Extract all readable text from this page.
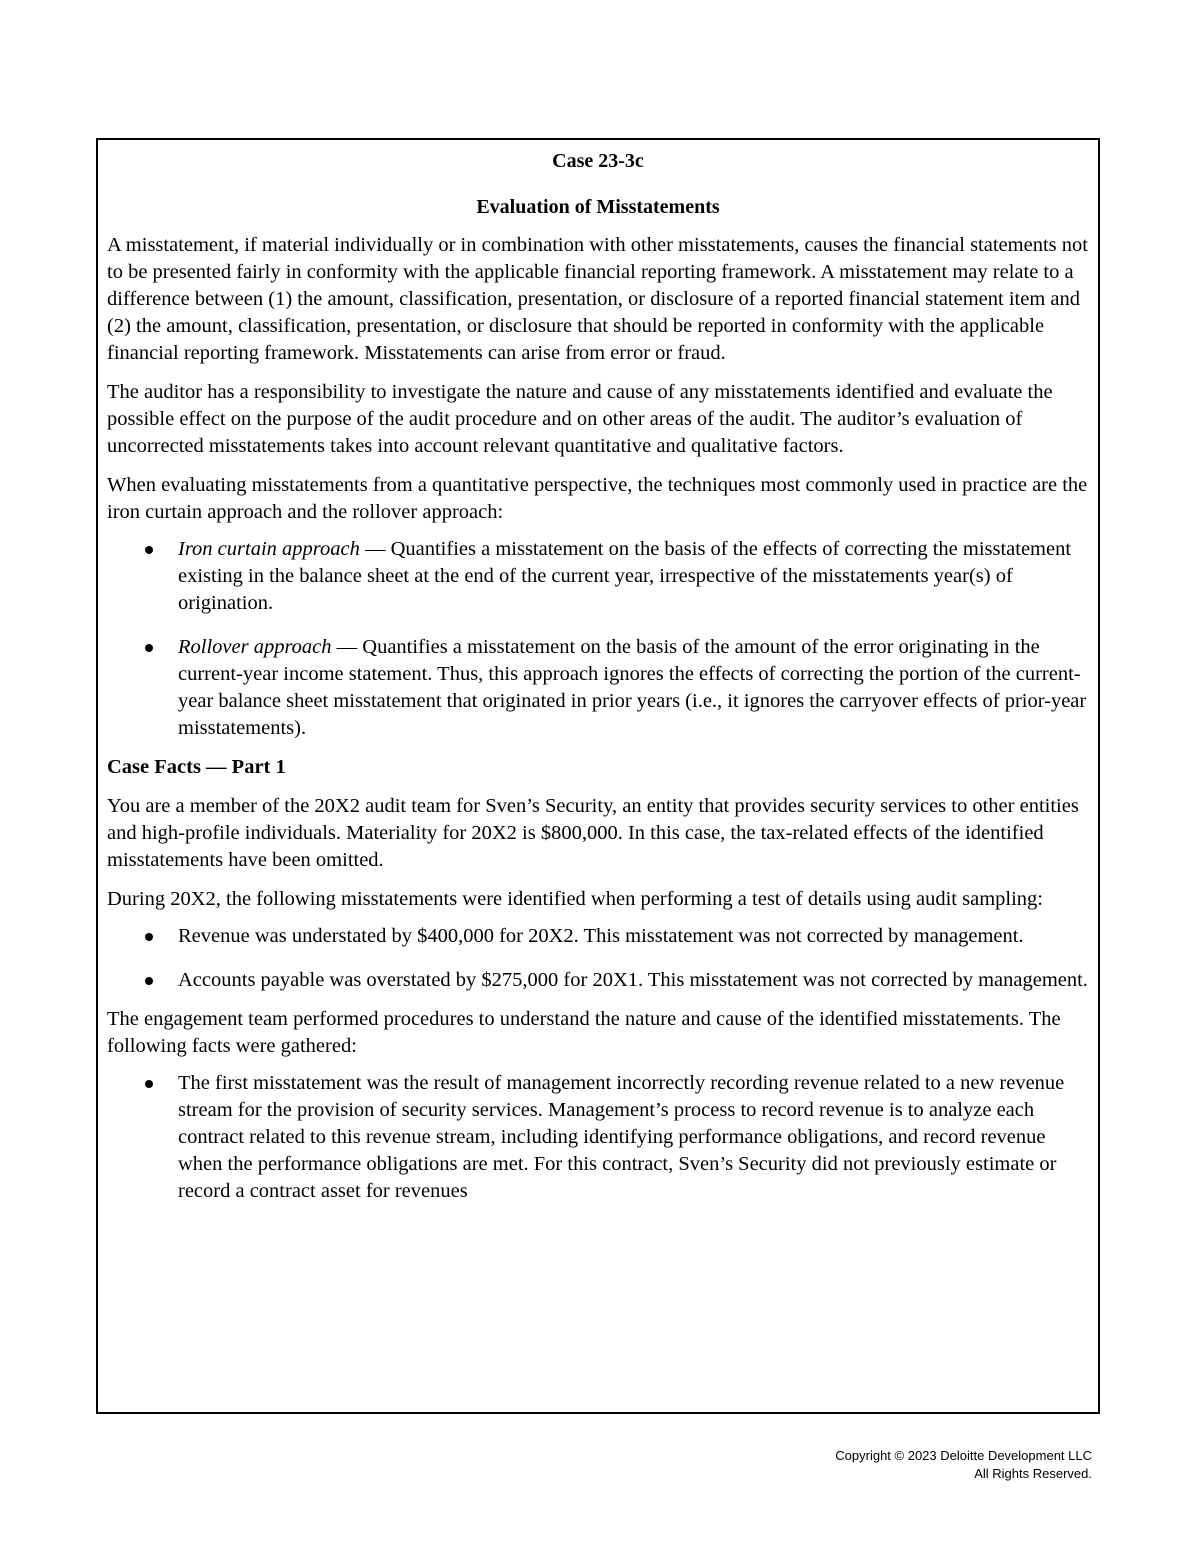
Case 23-3c
Evaluation of Misstatements

A misstatement, if material individually or in combination with other misstatements, causes the financial statements not to be presented fairly in conformity with the applicable financial reporting framework. A misstatement may relate to a difference between (1) the amount, classification, presentation, or disclosure of a reported financial statement item and (2) the amount, classification, presentation, or disclosure that should be reported in conformity with the applicable financial reporting framework. Misstatements can arise from error or fraud.

The auditor has a responsibility to investigate the nature and cause of any misstatements identified and evaluate the possible effect on the purpose of the audit procedure and on other areas of the audit. The auditor’s evaluation of uncorrected misstatements takes into account relevant quantitative and qualitative factors.

When evaluating misstatements from a quantitative perspective, the techniques most commonly used in practice are the iron curtain approach and the rollover approach:

Iron curtain approach — Quantifies a misstatement on the basis of the effects of correcting the misstatement existing in the balance sheet at the end of the current year, irrespective of the misstatements year(s) of origination.
Rollover approach — Quantifies a misstatement on the basis of the amount of the error originating in the current-year income statement. Thus, this approach ignores the effects of correcting the portion of the current-year balance sheet misstatement that originated in prior years (i.e., it ignores the carryover effects of prior-year misstatements).
Case Facts — Part 1

You are a member of the 20X2 audit team for Sven’s Security, an entity that provides security services to other entities and high-profile individuals. Materiality for 20X2 is $800,000. In this case, the tax-related effects of the identified misstatements have been omitted.

During 20X2, the following misstatements were identified when performing a test of details using audit sampling:

Revenue was understated by $400,000 for 20X2. This misstatement was not corrected by management.
Accounts payable was overstated by $275,000 for 20X1. This misstatement was not corrected by management.

The engagement team performed procedures to understand the nature and cause of the identified misstatements. The following facts were gathered:

The first misstatement was the result of management incorrectly recording revenue related to a new revenue stream for the provision of security services. Management’s process to record revenue is to analyze each contract related to this revenue stream, including identifying performance obligations, and record revenue when the performance obligations are met. For this contract, Sven’s Security did not previously estimate or record a contract asset for revenues
Copyright © 2023 Deloitte Development LLC
All Rights Reserved.
